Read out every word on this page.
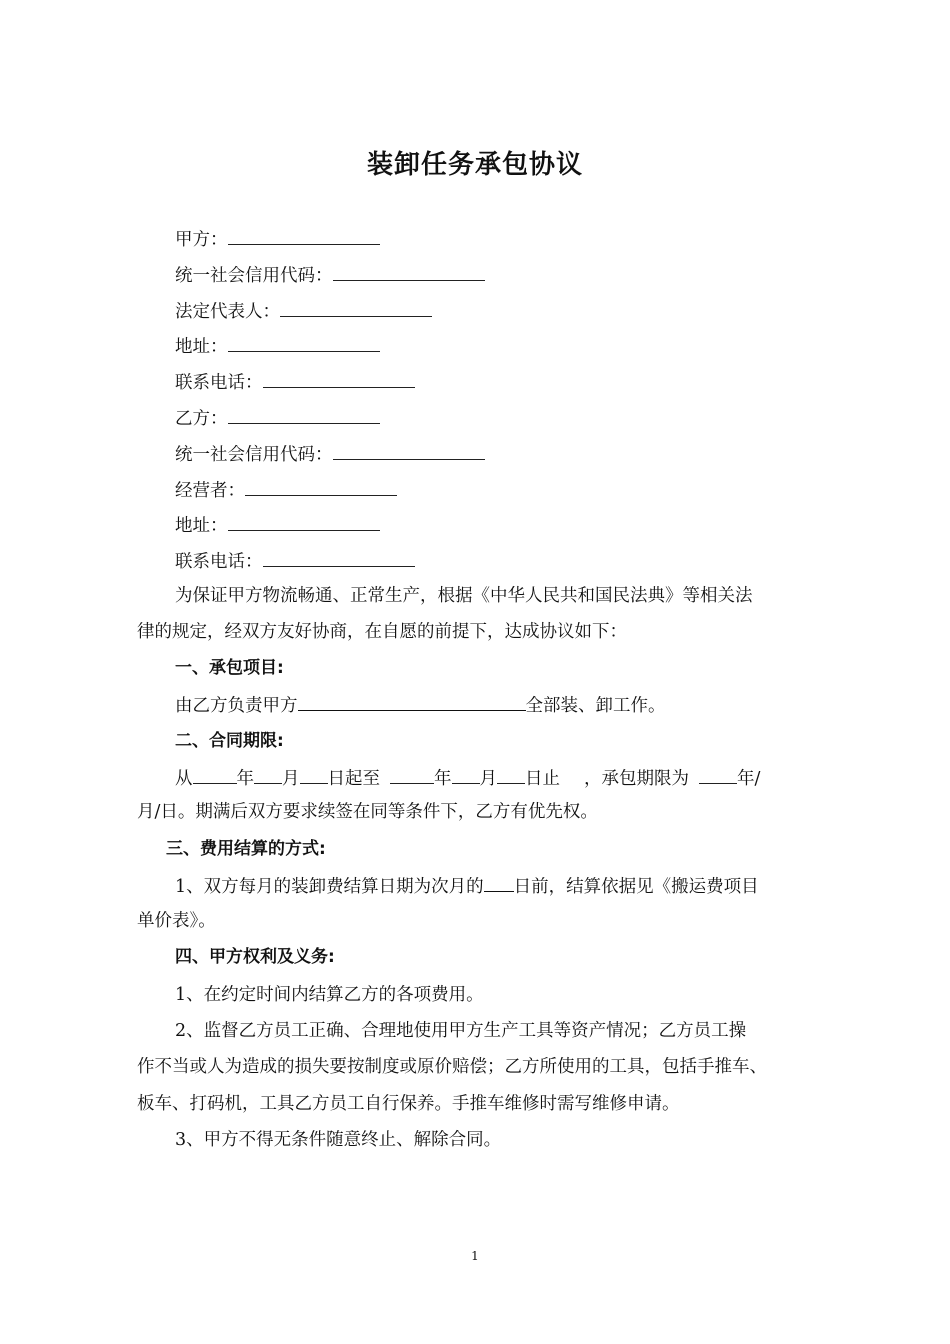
装卸任务承包协议
甲方：
统一社会信用代码：
法定代表人：
地址：
联系电话：
乙方：
统一社会信用代码：
经营者：
地址：
联系电话：
为保证甲方物流畅通、正常生产，根据《中华人民共和国民法典》等相关法
律的规定，经双方友好协商，在自愿的前提下，达成协议如下：
一、承包项目:
由乙方负责甲方	全部装、卸工作。
二、合同期限:
从	年 月 日起至	年 月 日止 ，承包期限为	年/
月/日。期满后双方要求续签在同等条件下，乙方有优先权。
三、费用结算的方式:
1、双方每月的装卸费结算日期为次月的 日前，结算依据见《搬运费项目
单价表》。
四、甲方权利及义务:
1、在约定时间内结算乙方的各项费用。
2、监督乙方员工正确、合理地使用甲方生产工具等资产情况；乙方员工操
作不当或人为造成的损失要按制度或原价赔偿；乙方所使用的工具，包括手推车、
板车、打码机，工具乙方员工自行保养。手推车维修时需写维修申请。
3、甲方不得无条件随意终止、解除合同。
1
